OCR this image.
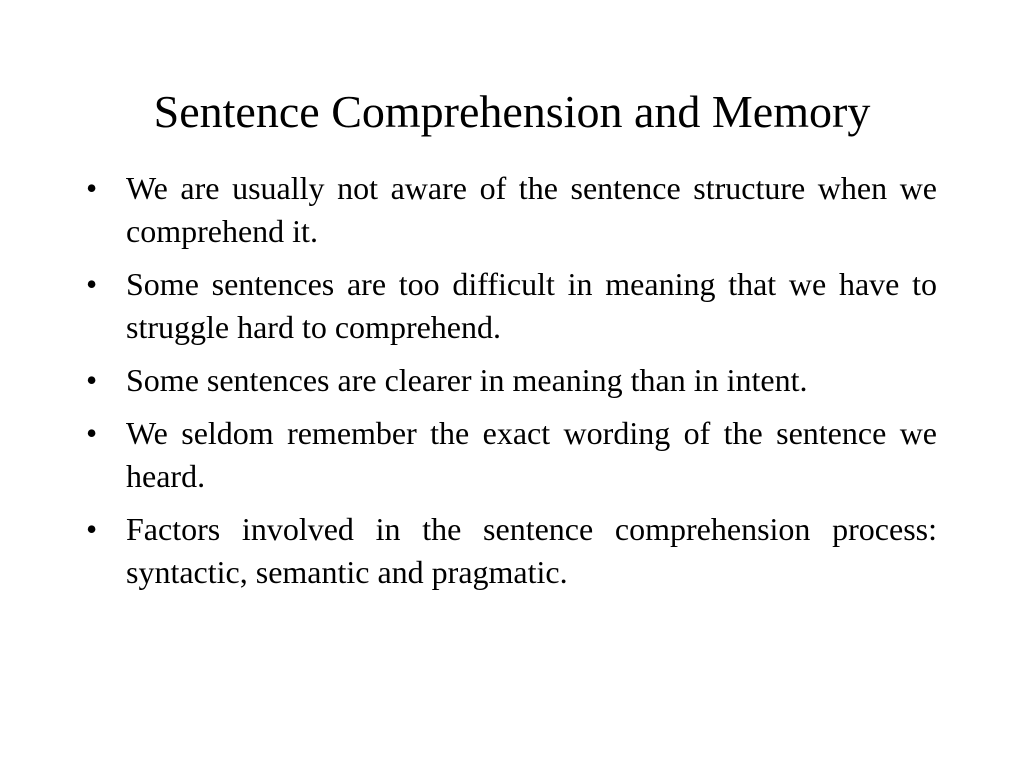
Sentence Comprehension and Memory
• We are usually not aware of the sentence structure when we comprehend it.
• Some sentences are too difficult in meaning that we have to struggle hard to comprehend.
• Some sentences are clearer in meaning than in intent.
• We seldom remember the exact wording of the sentence we heard.
• Factors involved in the sentence comprehension process: syntactic, semantic and pragmatic.
